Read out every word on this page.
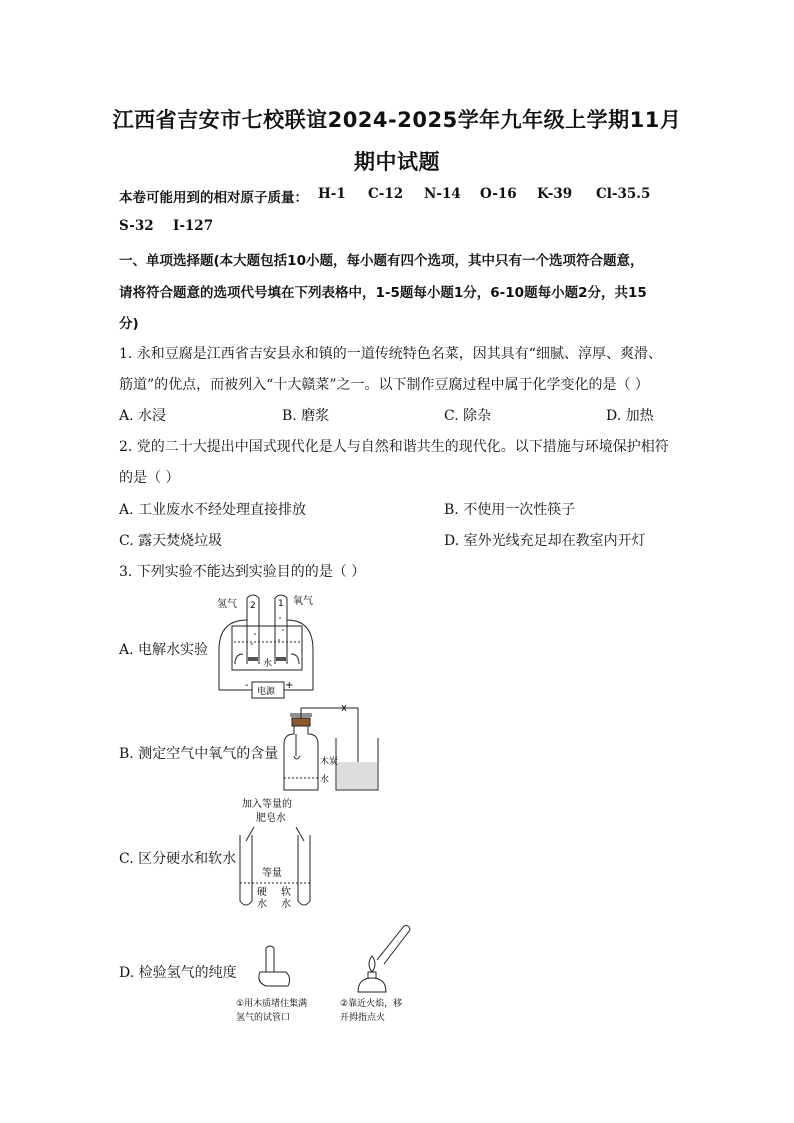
江西省吉安市七校联谊2024-2025学年九年级上学期11月
期中试题
本卷可能用到的相对原子质量： H-1 C-12 N-14 O-16 K-39 Cl-35.5
S-32 I-127
一、单项选择题(本大题包括10小题，每小题有四个选项，其中只有一个选项符合题意，
请将符合题意的选项代号填在下列表格中，1-5题每小题1分，6-10题每小题2分，共15
分)
1. 永和豆腐是江西省吉安县永和镇的一道传统特色名菜，因其具有“细腻、淳厚、爽滑、
筋道”的优点，而被列入“十大赣菜”之一。以下制作豆腐过程中属于化学变化的是（ ）
A. 水浸	B. 磨浆	C. 除杂	D. 加热
2. 党的二十大提出中国式现代化是人与自然和谐共生的现代化。以下措施与环境保护相符
的是（ ）
A. 工业废水不经处理直接排放	B. 不使用一次性筷子
C. 露天焚烧垃圾	D. 室外光线充足却在教室内开灯
3. 下列实验不能达到实验目的的是（ ）
A. 电解水实验
B. 测定空气中氧气的含量
C. 区分硬水和软水
D. 检验氢气的纯度
氢气 2 1 氧气
水
电源
-	+
木炭
水
加入等量的
肥皂水
等量
硬
水
软
水
①用木质堵住集满
氢气的试管口
②靠近火焰，移
开拇指点火
